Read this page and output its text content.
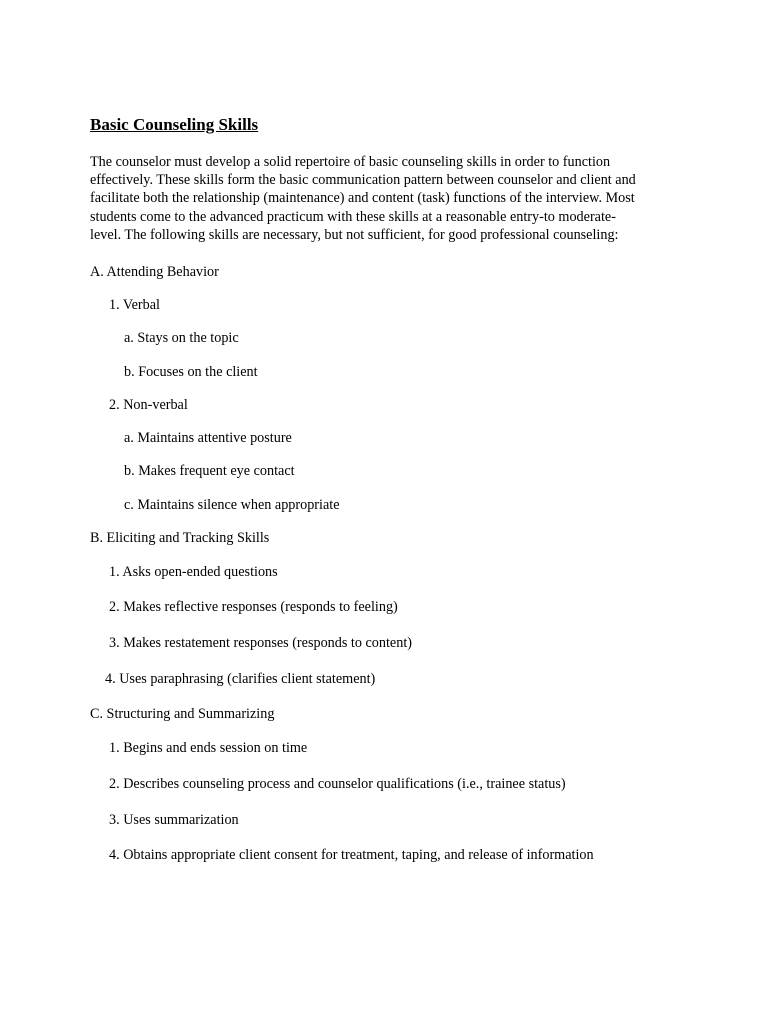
Basic Counseling Skills

The counselor must develop a solid repertoire of basic counseling skills in order to function
effectively. These skills form the basic communication pattern between counselor and client and
facilitate both the relationship (maintenance) and content (task) functions of the interview. Most
students come to the advanced practicum with these skills at a reasonable entry-to moderate-
level. The following skills are necessary, but not sufficient, for good professional counseling:

A. Attending Behavior
1. Verbal
a. Stays on the topic
b. Focuses on the client
2. Non-verbal
a. Maintains attentive posture
b. Makes frequent eye contact
c. Maintains silence when appropriate
B. Eliciting and Tracking Skills
1. Asks open-ended questions
2. Makes reflective responses (responds to feeling)
3. Makes restatement responses (responds to content)
4. Uses paraphrasing (clarifies client statement)
C. Structuring and Summarizing
1. Begins and ends session on time
2. Describes counseling process and counselor qualifications (i.e., trainee status)
3. Uses summarization
4. Obtains appropriate client consent for treatment, taping, and release of information
